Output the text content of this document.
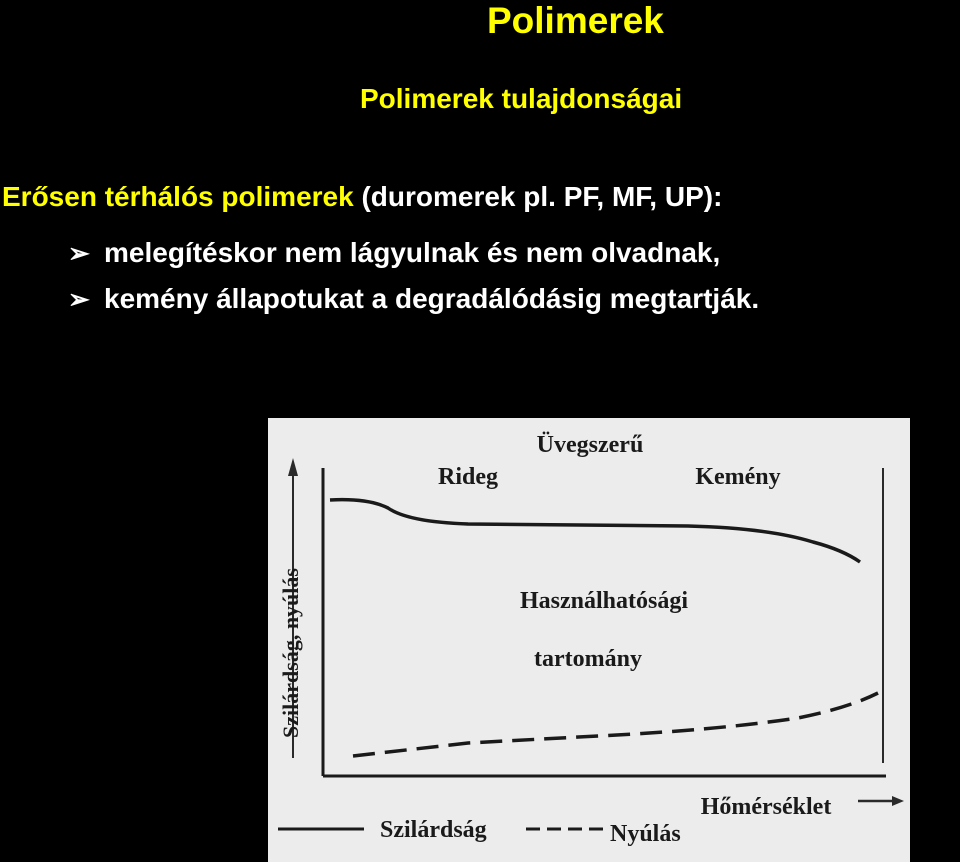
Polimerek
Polimerek tulajdonságai
Erősen térhálós polimerek (duromerek pl. PF, MF, UP):
➢ melegítéskor nem lágyulnak és nem olvadnak,
➢ kemény állapotukat a degradálódásig megtartják.
Üvegszerű
Rideg	Kemény
Használhatósági
tartomány
Szilárdság, nyúlás
Hőmérséklet
Szilárdság	Nyúlás
